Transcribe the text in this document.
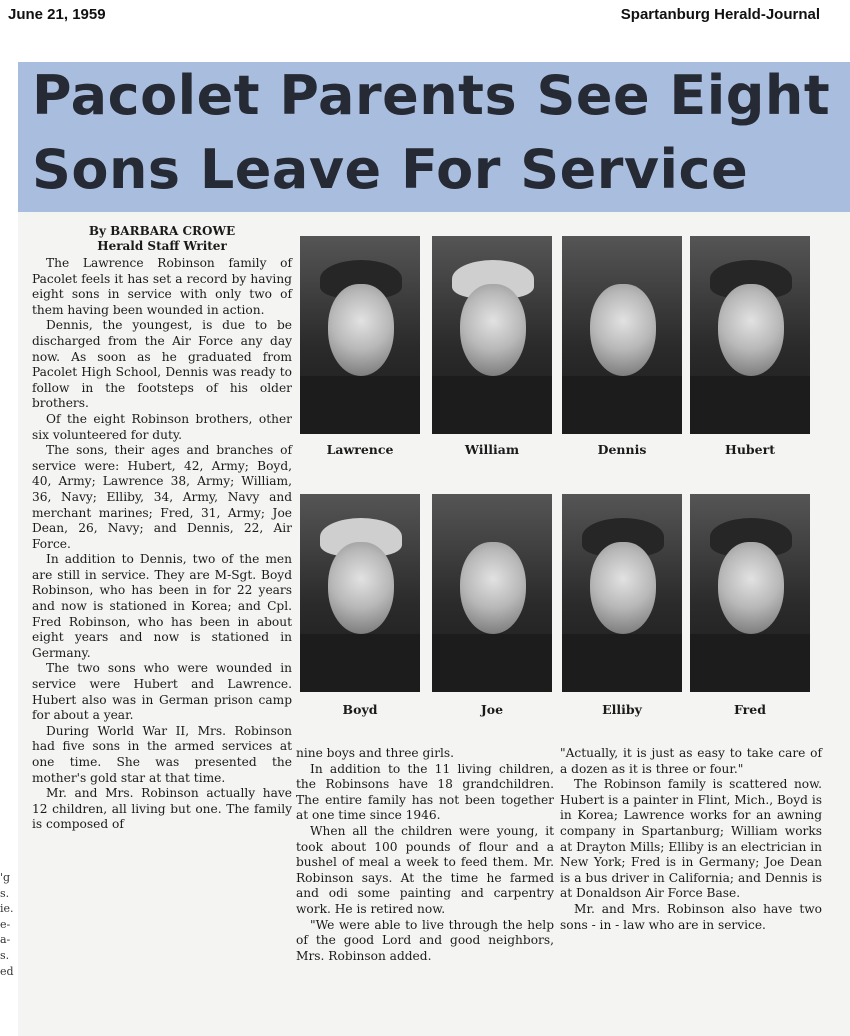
June 21, 1959	Spartanburg Herald-Journal
Pacolet Parents See Eight
Sons Leave For Service

By BARBARA CROWE

Herald Staff Writer

The Lawrence Robinson family of Pacolet feels it has set a record by having eight sons in service with only two of them having been wounded in action.

Dennis, the youngest, is due to be discharged from the Air Force any day now. As soon as he graduated from Pacolet High School, Dennis was ready to follow in the footsteps of his older brothers.

Of the eight Robinson brothers, other six volunteered for duty.

The sons, their ages and branches of service were: Hubert, 42, Army; Boyd, 40, Army; Lawrence 38, Army; William, 36, Navy; Elliby, 34, Army, Navy and merchant marines; Fred, 31, Army; Joe Dean, 26, Navy; and Dennis, 22, Air Force.

In addition to Dennis, two of the men are still in service. They are M-Sgt. Boyd Robinson, who has been in for 22 years and now is stationed in Korea; and Cpl. Fred Robinson, who has been in about eight years and now is stationed in Germany.

The two sons who were wounded in service were Hubert and Lawrence. Hubert also was in German prison camp for about a year.

During World War II, Mrs. Robinson had five sons in the armed services at one time. She was presented the mother's gold star at that time.

Mr. and Mrs. Robinson actually have 12 children, all living but one. The family is composed of

nine boys and three girls.

In addition to the 11 living children, the Robinsons have 18 grandchildren. The entire family has not been together at one time since 1946.

When all the children were young, it took about 100 pounds of flour and a bushel of meal a week to feed them. Mr. Robinson says. At the time he farmed and odi some painting and carpentry work. He is retired now.

"We were able to live through the help of the good Lord and good neighbors, Mrs. Robinson added.

"Actually, it is just as easy to take care of a dozen as it is three or four."

The Robinson family is scattered now. Hubert is a painter in Flint, Mich., Boyd is in Korea; Lawrence works for an awning company in Spartanburg; William works at Drayton Mills; Elliby is an electrician in New York; Fred is in Germany; Joe Dean is a bus driver in California; and Dennis is at Donaldson Air Force Base.

Mr. and Mrs. Robinson also have two sons - in - law who are in service.

Lawrence	William	Dennis	Hubert
Boyd	Joe	Elliby	Fred
'g
s.
ie.
e-
a-
s.
ed
